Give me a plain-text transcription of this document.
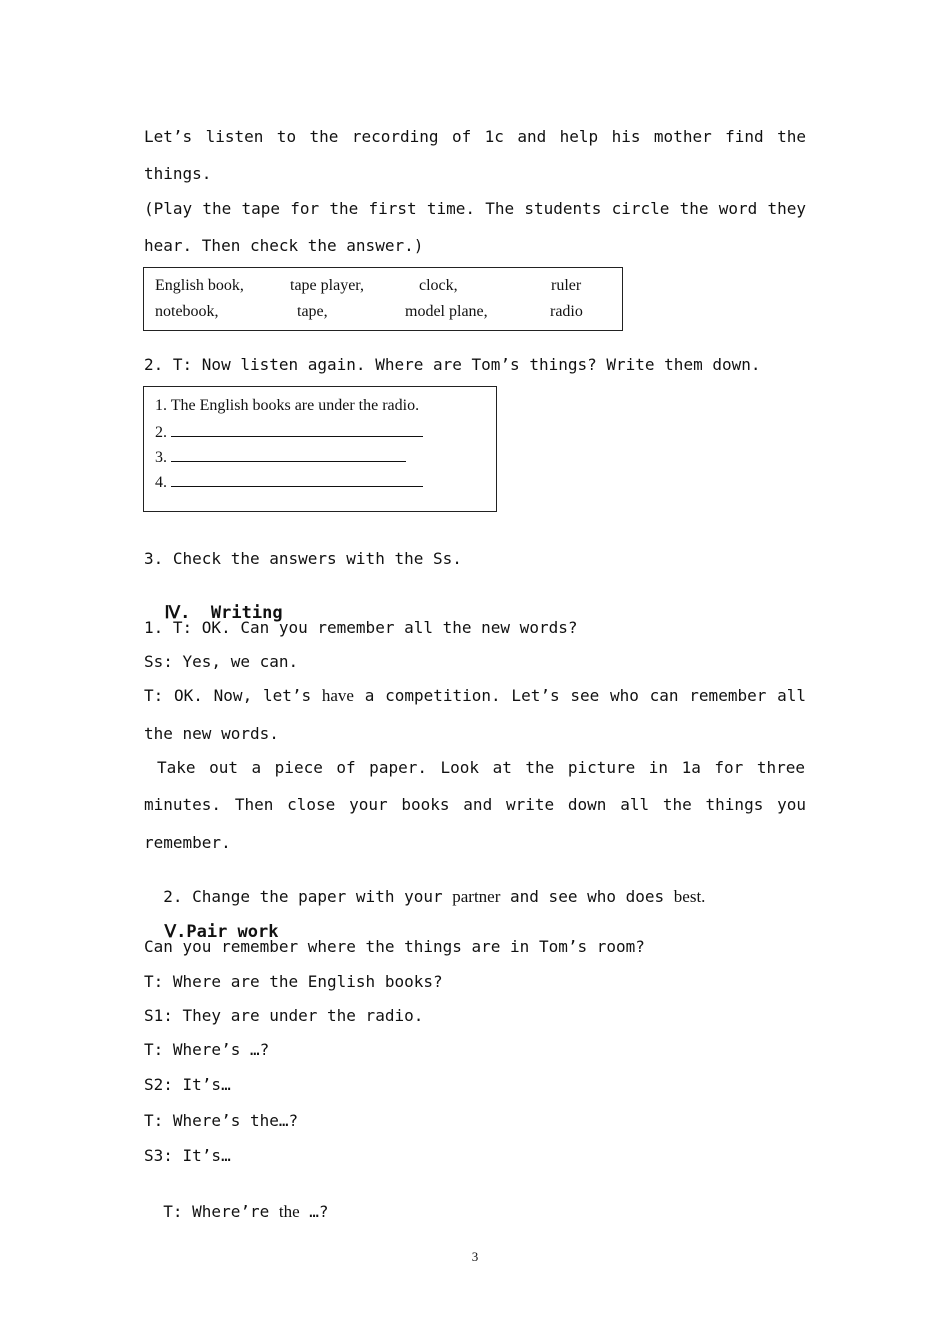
Let’s listen to the recording of 1c and help his mother find the
things.
(Play the tape for the first time. The students circle the word they
hear. Then check the answer.)
English book,	tape player,	clock,	ruler
notebook,	tape,	model plane,	radio
2. T: Now listen again. Where are Tom’s things? Write them down.
1. The English books are under the radio.
2.
3.
4.
3. Check the answers with the Ss.

Ⅳ. Writing

1. T: OK. Can you remember all the new words?
Ss: Yes, we can.
T: OK. Now, let’s have a competition. Let’s see who can remember all
the new words.
Take out a piece of paper. Look at the picture in 1a for three
minutes. Then close your books and write down all the things you
remember.

2. Change the paper with your partner and see who does best.

Ⅴ.Pair work

Can you remember where the things are in Tom’s room?
T: Where are the English books?
S1: They are under the radio.
T: Where’s …?
S2: It’s…
T: Where’s the…?
S3: It’s…

T: Where’re the …?

3
